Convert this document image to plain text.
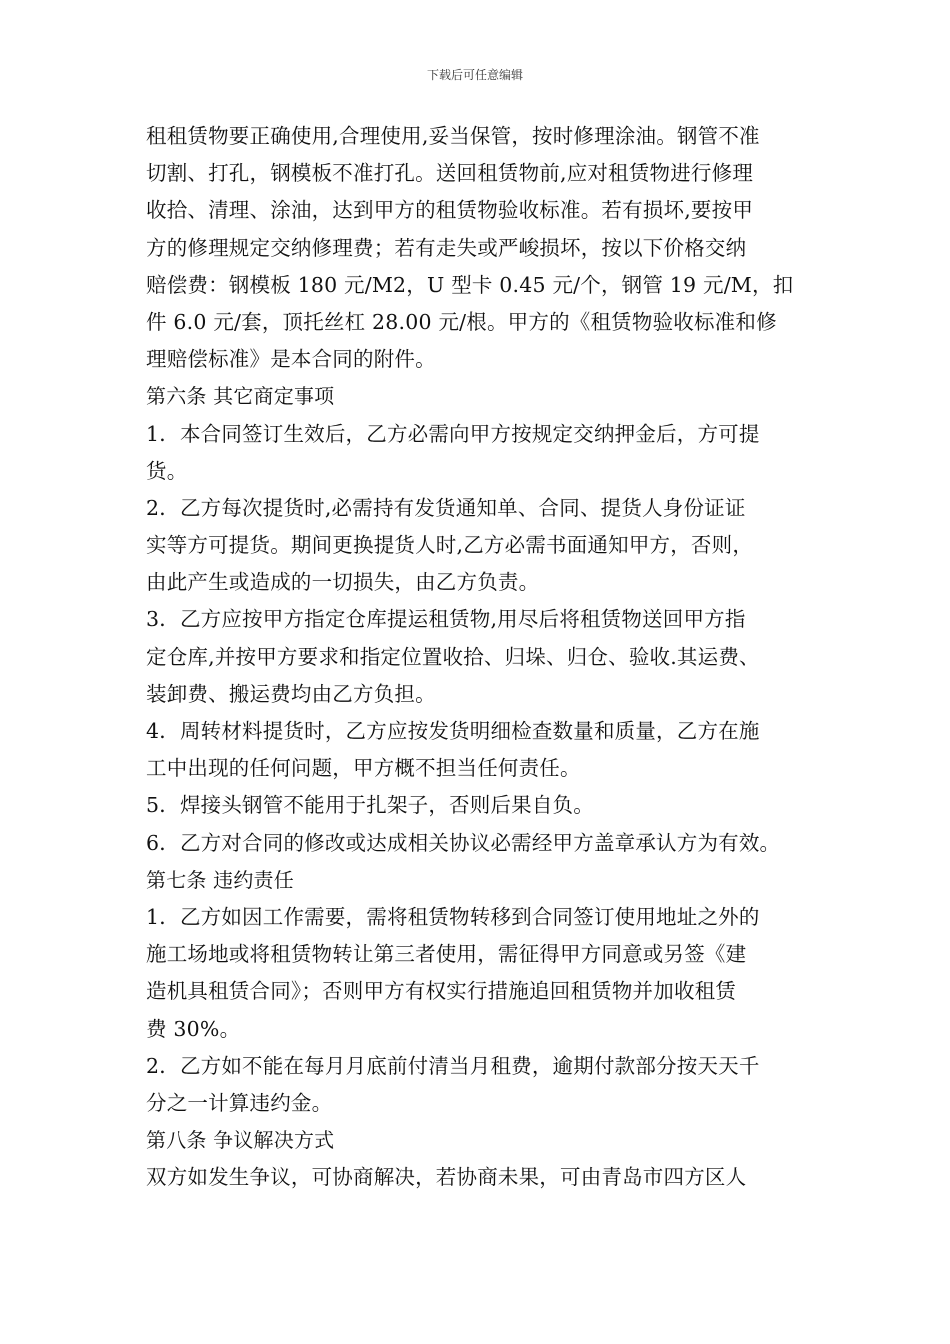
下载后可任意编辑
租租赁物要正确使用,合理使用,妥当保管，按时修理涂油。钢管不准
切割、打孔，钢模板不准打孔。送回租赁物前,应对租赁物进行修理
收拾、清理、涂油，达到甲方的租赁物验收标准。若有损坏,要按甲
方的修理规定交纳修理费；若有走失或严峻损坏，按以下价格交纳
赔偿费：钢模板 180 元/M2，U 型卡 0.45 元/个，钢管 19 元/M，扣
件 6.0 元/套，顶托丝杠 28.00 元/根。甲方的《租赁物验收标准和修
理赔偿标准》是本合同的附件。
第六条 其它商定事项
1．本合同签订生效后，乙方必需向甲方按规定交纳押金后，方可提
货。
2．乙方每次提货时,必需持有发货通知单、合同、提货人身份证证
实等方可提货。期间更换提货人时,乙方必需书面通知甲方，否则，
由此产生或造成的一切损失，由乙方负责。
3．乙方应按甲方指定仓库提运租赁物,用尽后将租赁物送回甲方指
定仓库,并按甲方要求和指定位置收拾、归垛、归仓、验收.其运费、
装卸费、搬运费均由乙方负担。
4．周转材料提货时，乙方应按发货明细检查数量和质量，乙方在施
工中出现的任何问题，甲方概不担当任何责任。
5．焊接头钢管不能用于扎架子，否则后果自负。
6．乙方对合同的修改或达成相关协议必需经甲方盖章承认方为有效。
第七条 违约责任
1．乙方如因工作需要，需将租赁物转移到合同签订使用地址之外的
施工场地或将租赁物转让第三者使用，需征得甲方同意或另签《建
造机具租赁合同》；否则甲方有权实行措施追回租赁物并加收租赁
费 30%。
2．乙方如不能在每月月底前付清当月租费，逾期付款部分按天天千
分之一计算违约金。
第八条 争议解决方式
双方如发生争议，可协商解决，若协商未果，可由青岛市四方区人
